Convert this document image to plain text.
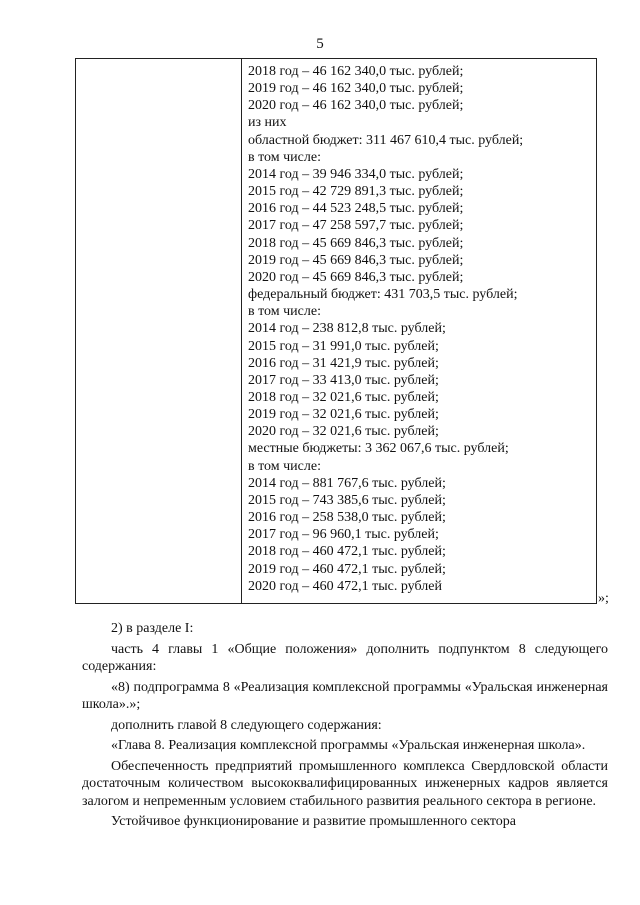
5
2018 год – 46 162 340,0 тыс. рублей;
2019 год – 46 162 340,0 тыс. рублей;
2020 год – 46 162 340,0 тыс. рублей;
из них
областной бюджет: 311 467 610,4 тыс. рублей;
в том числе:
2014 год – 39 946 334,0 тыс. рублей;
2015 год – 42 729 891,3 тыс. рублей;
2016 год – 44 523 248,5 тыс. рублей;
2017 год – 47 258 597,7 тыс. рублей;
2018 год – 45 669 846,3 тыс. рублей;
2019 год – 45 669 846,3 тыс. рублей;
2020 год – 45 669 846,3 тыс. рублей;
федеральный бюджет: 431 703,5 тыс. рублей;
в том числе:
2014 год – 238 812,8 тыс. рублей;
2015 год – 31 991,0 тыс. рублей;
2016 год – 31 421,9 тыс. рублей;
2017 год – 33 413,0 тыс. рублей;
2018 год – 32 021,6 тыс. рублей;
2019 год – 32 021,6 тыс. рублей;
2020 год – 32 021,6 тыс. рублей;
местные бюджеты: 3 362 067,6 тыс. рублей;
в том числе:
2014 год – 881 767,6 тыс. рублей;
2015 год – 743 385,6 тыс. рублей;
2016 год – 258 538,0 тыс. рублей;
2017 год – 96 960,1 тыс. рублей;
2018 год – 460 472,1 тыс. рублей;
2019 год – 460 472,1 тыс. рублей;
2020 год – 460 472,1 тыс. рублей
»;

2) в разделе I:

часть 4 главы 1 «Общие положения» дополнить подпунктом 8 следующего содержания:

«8) подпрограмма 8 «Реализация комплексной программы «Уральская инженерная школа».»;

дополнить главой 8 следующего содержания:

«Глава 8. Реализация комплексной программы «Уральская инженерная школа».

Обеспеченность предприятий промышленного комплекса Свердловской области достаточным количеством высококвалифицированных инженерных кадров является залогом и непременным условием стабильного развития реального сектора в регионе.

Устойчивое функционирование и развитие промышленного сектора
